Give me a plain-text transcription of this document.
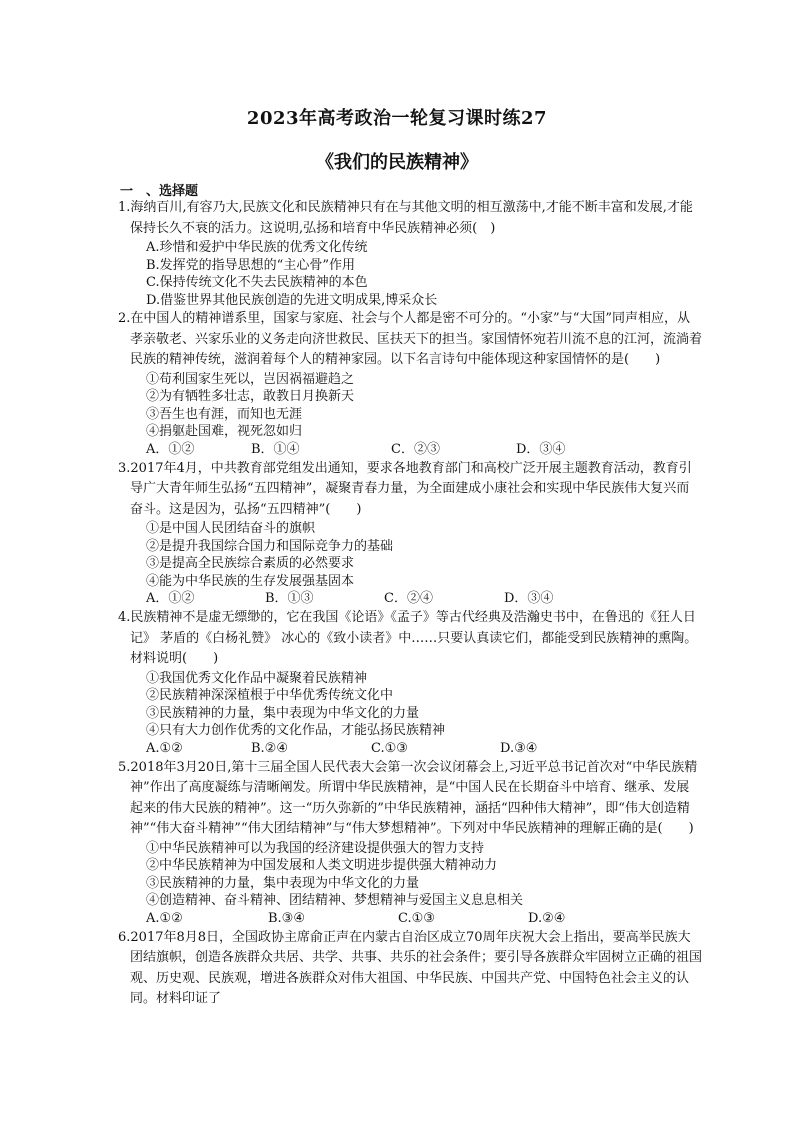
2023年高考政治一轮复习课时练27
《我们的民族精神》
一　、选择题
1.海纳百川,有容乃大,民族文化和民族精神只有在与其他文明的相互激荡中,才能不断丰富和发展,才能保持长久不衰的活力。这说明,弘扬和培育中华民族精神必须(　)
A.珍惜和爱护中华民族的优秀文化传统
B.发挥党的指导思想的“主心骨”作用
C.保持传统文化不失去民族精神的本色
D.借鉴世界其他民族创造的先进文明成果,博采众长
2.在中国人的精神谱系里，国家与家庭、社会与个人都是密不可分的。“小家”与“大国”同声相应，从孝亲敬老、兴家乐业的义务走向济世救民、匡扶天下的担当。家国情怀宛若川流不息的江河，流淌着民族的精神传统，滋润着每个人的精神家园。以下名言诗句中能体现这种家国情怀的是(　　)
①苟利国家生死以，岂因祸福避趋之
②为有牺牲多壮志，敢教日月换新天
③吾生也有涯，而知也无涯
④捐躯赴国难，视死忽如归
A．①②	B．①④	C．②③	D．③④
3.2017年4月，中共教育部党组发出通知，要求各地教育部门和高校广泛开展主题教育活动，教育引导广大青年师生弘扬“五四精神”，凝聚青春力量，为全面建成小康社会和实现中华民族伟大复兴而奋斗。这是因为，弘扬“五四精神”(　　)
①是中国人民团结奋斗的旗帜
②是提升我国综合国力和国际竞争力的基础
③是提高全民族综合素质的必然要求
④能为中华民族的生存发展强基固本
A．①②	B．①③	C．②④	D．③④
4.民族精神不是虚无缥缈的，它在我国《论语》《孟子》等古代经典及浩瀚史书中，在鲁迅的《狂人日记》 茅盾的《白杨礼赞》 冰心的《致小读者》中……只要认真读它们，都能受到民族精神的熏陶。材料说明(　　)
①我国优秀文化作品中凝聚着民族精神
②民族精神深深植根于中华优秀传统文化中
③民族精神的力量，集中表现为中华文化的力量
④只有大力创作优秀的文化作品，才能弘扬民族精神
A.①②	B.②④	C.①③	D.③④
5.2018年3月20日,第十三届全国人民代表大会第一次会议闭幕会上,习近平总书记首次对“中华民族精神”作出了高度凝练与清晰阐发。所谓中华民族精神，是“中国人民在长期奋斗中培育、继承、发展起来的伟大民族的精神”。这一“历久弥新的”中华民族精神，涵括“四种伟大精神”，即“伟大创造精神”“伟大奋斗精神”“伟大团结精神”与“伟大梦想精神”。下列对中华民族精神的理解正确的是(　　)
①中华民族精神可以为我国的经济建设提供强大的智力支持
②中华民族精神为中国发展和人类文明进步提供强大精神动力
③民族精神的力量，集中表现为中华文化的力量
④创造精神、奋斗精神、团结精神、梦想精神与爱国主义息息相关
A.①②	B.③④	C.①③	D.②④
6.2017年8月8日，全国政协主席俞正声在内蒙古自治区成立70周年庆祝大会上指出，要高举民族大团结旗帜，创造各族群众共居、共学、共事、共乐的社会条件；要引导各族群众牢固树立正确的祖国观、历史观、民族观，增进各族群众对伟大祖国、中华民族、中国共产党、中国特色社会主义的认同。材料印证了
